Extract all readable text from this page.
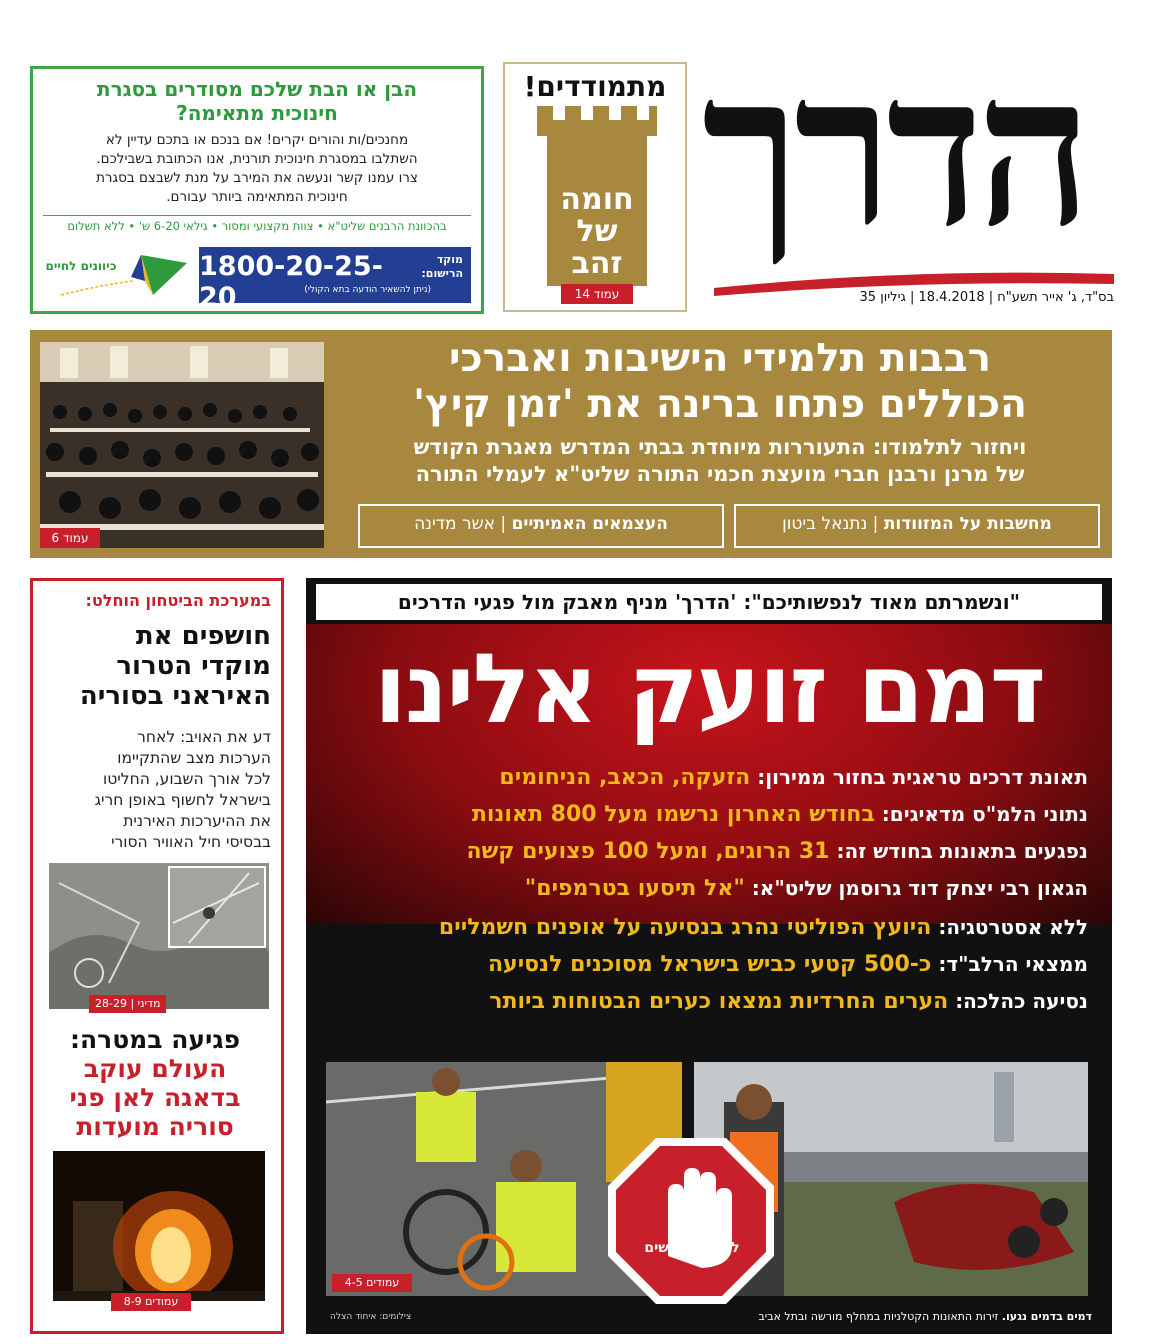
הדרך
בס"ד, ג' אייר תשע"ח | 18.4.2018 | גיליון 35
מתמודדים!
חומה
של
זהב
עמוד 14
הבן או הבת שלכם מסודרים בסגרת
חינוכית מתאימה?
מחנכים/ות והורים יקרים! אם בנכם או בתכם עדיין לא
השתלבו במסגרת חינוכית תורנית, אנו הכתובת בשבילכם.
צרו עמנו קשר ונעשה את המירב על מנת לשבצם בסגרת
חינוכית המתאימה ביותר עבורם.
בהכוונת הרבנים שליט"א • צוות מקצועי ומסור • גילאי 6-20 ש' • ללא תשלום
מוקד
הרישום:
1800-20-25-20	(ניתן להשאיר הודעה בתא הקולי)
כיוונים לחיים
עמוד 6
רבבות תלמידי הישיבות ואברכי
הכוללים פתחו ברינה את 'זמן קיץ'
ויחזור לתלמודו: התעוררות מיוחדת בבתי המדרש מאגרת הקודש
של מרנן ורבנן חברי מועצת חכמי התורה שליט"א לעמלי התורה
מחשבות על המזוודות | נתנאל ביטון
העצמאים האמיתיים | אשר מדינה
במערכת הביטחון הוחלט:
חושפים את
מוקדי הטרור
האיראני בסוריה
דע את האויב: לאחר
הערכות מצב שהתקיימו
לכל אורך השבוע, החליטו
בישראל לחשוף באופן חריג
את ההיערכות האירנית
בבסיסי חיל האוויר הסורי
מדיני | 28-29
פגיעה במטרה:
העולם עוקב
בדאגה לאן פני
סוריה מועדות
עמודים 8-9
"ונשמרתם מאוד לנפשותיכם": 'הדרך' מניף מאבק מול פגעי הדרכים
דמם זועק אלינו
תאונת דרכים טראגית בחזור ממירון: הזעקה, הכאב, הניחומים
נתוני הלמ"ס מדאיגים: בחודש האחרון נרשמו מעל 800 תאונות
נפגעים בתאונות בחודש זה: 31 הרוגים, ומעל 100 פצועים קשה
הגאון רבי יצחק דוד גרוסמן שליט"א: "אל תיסעו בטרמפים"
ללא אסטרטגיה: היועץ הפוליטי נהרג בנסיעה על אופנים חשמליים
ממצאי הרלב"ד: כ-500 קטעי כביש בישראל מסוכנים לנסיעה
נסיעה כהלכה: הערים החרדיות נמצאו כערים הבטוחות ביותר
לקטל בכבישים
עמודים 4-5
דמים בדמים נגעו. זירות התאונות הקטלניות במחלף מורשה ובתל אביב
צילומים: איחוד הצלה
